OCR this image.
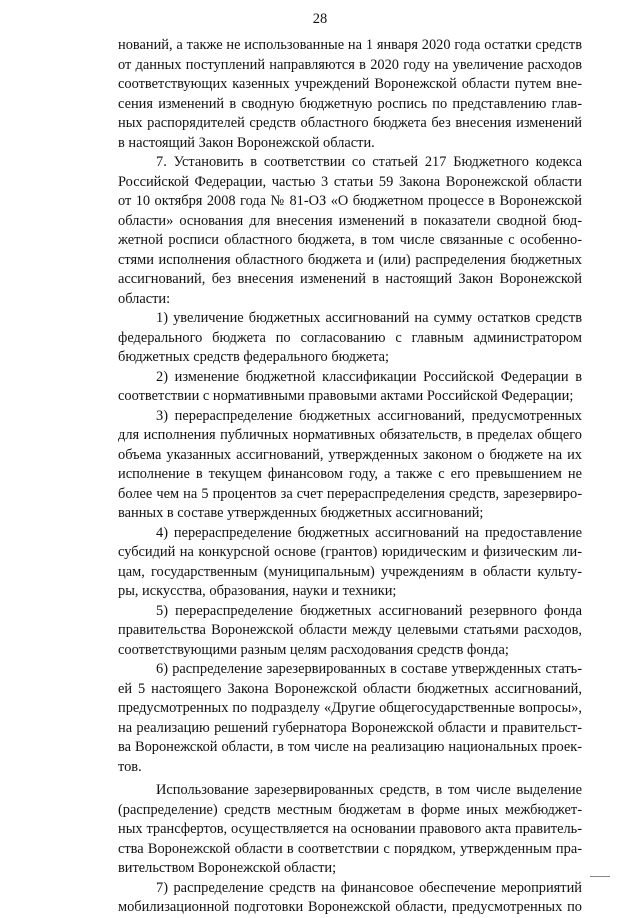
28
нований, а также не использованные на 1 января 2020 года остатки средств
от данных поступлений направляются в 2020 году на увеличение расходов
соответствующих казенных учреждений Воронежской области путем вне-
сения изменений в сводную бюджетную роспись по представлению глав-
ных распорядителей средств областного бюджета без внесения изменений
в настоящий Закон Воронежской области.
7. Установить в соответствии со статьей 217 Бюджетного кодекса
Российской Федерации, частью 3 статьи 59 Закона Воронежской области
от 10 октября 2008 года № 81-ОЗ «О бюджетном процессе в Воронежской
области» основания для внесения изменений в показатели сводной бюд-
жетной росписи областного бюджета, в том числе связанные с особенно-
стями исполнения областного бюджета и (или) распределения бюджетных
ассигнований, без внесения изменений в настоящий Закон Воронежской
области:
1) увеличение бюджетных ассигнований на сумму остатков средств
федерального бюджета по согласованию с главным администратором
бюджетных средств федерального бюджета;
2) изменение бюджетной классификации Российской Федерации в
соответствии с нормативными правовыми актами Российской Федерации;
3) перераспределение бюджетных ассигнований, предусмотренных
для исполнения публичных нормативных обязательств, в пределах общего
объема указанных ассигнований, утвержденных законом о бюджете на их
исполнение в текущем финансовом году, а также с его превышением не
более чем на 5 процентов за счет перераспределения средств, зарезервиро-
ванных в составе утвержденных бюджетных ассигнований;
4) перераспределение бюджетных ассигнований на предоставление
субсидий на конкурсной основе (грантов) юридическим и физическим ли-
цам, государственным (муниципальным) учреждениям в области культу-
ры, искусства, образования, науки и техники;
5) перераспределение бюджетных ассигнований резервного фонда
правительства Воронежской области между целевыми статьями расходов,
соответствующими разным целям расходования средств фонда;
6) распределение зарезервированных в составе утвержденных стать-
ей 5 настоящего Закона Воронежской области бюджетных ассигнований,
предусмотренных по подразделу «Другие общегосударственные вопросы»,
на реализацию решений губернатора Воронежской области и правительст-
ва Воронежской области, в том числе на реализацию национальных проек-
тов.
Использование зарезервированных средств, в том числе выделение
(распределение) средств местным бюджетам в форме иных межбюджет-
ных трансфертов, осуществляется на основании правового акта правитель-
ства Воронежской области в соответствии с порядком, утвержденным пра-
вительством Воронежской области;
7) распределение средств на финансовое обеспечение мероприятий
мобилизационной подготовки Воронежской области, предусмотренных по
